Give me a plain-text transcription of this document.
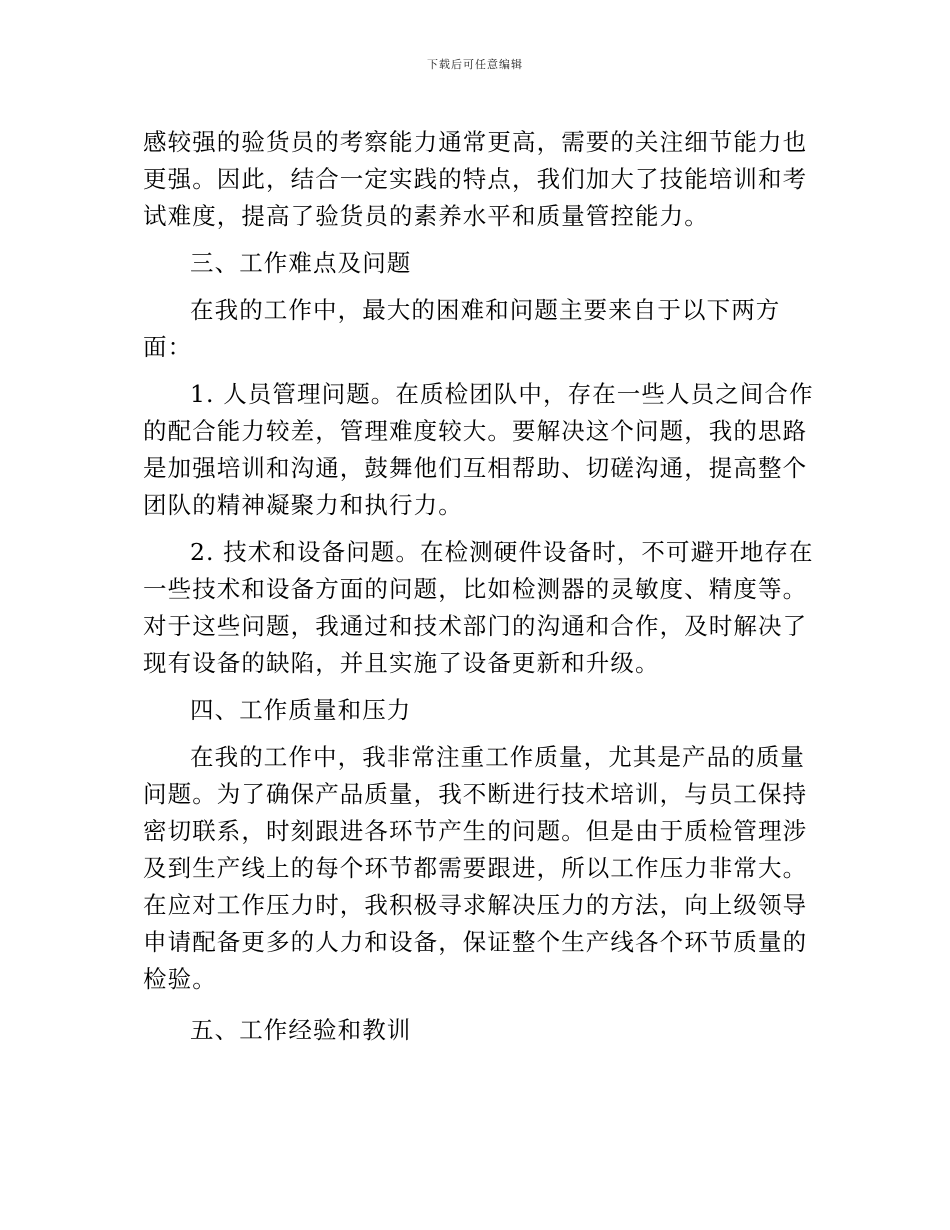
下载后可任意编辑
感较强的验货员的考察能力通常更高，需要的关注细节能力也
更强。因此，结合一定实践的特点，我们加大了技能培训和考
试难度，提高了验货员的素养水平和质量管控能力。
三、工作难点及问题
在我的工作中，最大的困难和问题主要来自于以下两方
面：
1. 人员管理问题。在质检团队中，存在一些人员之间合作
的配合能力较差，管理难度较大。要解决这个问题，我的思路
是加强培训和沟通，鼓舞他们互相帮助、切磋沟通，提高整个
团队的精神凝聚力和执行力。
2. 技术和设备问题。在检测硬件设备时，不可避开地存在
一些技术和设备方面的问题，比如检测器的灵敏度、精度等。
对于这些问题，我通过和技术部门的沟通和合作，及时解决了
现有设备的缺陷，并且实施了设备更新和升级。
四、工作质量和压力
在我的工作中，我非常注重工作质量，尤其是产品的质量
问题。为了确保产品质量，我不断进行技术培训，与员工保持
密切联系，时刻跟进各环节产生的问题。但是由于质检管理涉
及到生产线上的每个环节都需要跟进，所以工作压力非常大。
在应对工作压力时，我积极寻求解决压力的方法，向上级领导
申请配备更多的人力和设备，保证整个生产线各个环节质量的
检验。
五、工作经验和教训
